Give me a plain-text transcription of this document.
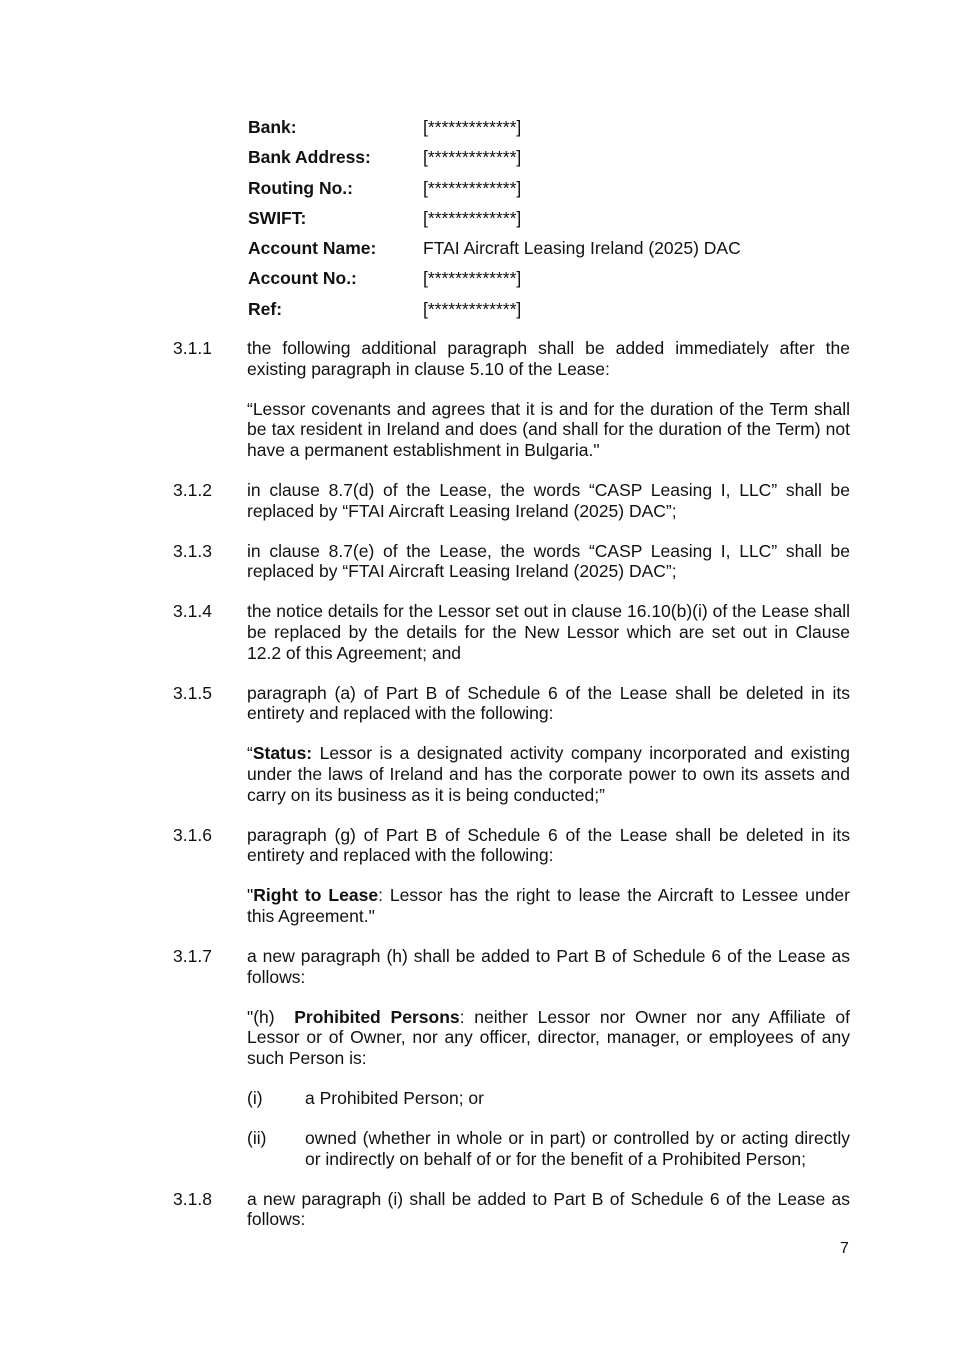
Bank:	[*************]
Bank Address:	[*************]
Routing No.:	[*************]
SWIFT:	[*************]
Account Name:	FTAI Aircraft Leasing Ireland (2025) DAC
Account No.:	[*************]
Ref:	[*************]
3.1.1	the following additional paragraph shall be added immediately after the existing paragraph in clause 5.10 of the Lease:
“Lessor covenants and agrees that it is and for the duration of the Term shall be tax resident in Ireland and does (and shall for the duration of the Term) not have a permanent establishment in Bulgaria."
3.1.2	in clause 8.7(d) of the Lease, the words “CASP Leasing I, LLC” shall be replaced by “FTAI Aircraft Leasing Ireland (2025) DAC”;
3.1.3	in clause 8.7(e) of the Lease, the words “CASP Leasing I, LLC” shall be replaced by “FTAI Aircraft Leasing Ireland (2025) DAC”;
3.1.4	the notice details for the Lessor set out in clause 16.10(b)(i) of the Lease shall be replaced by the details for the New Lessor which are set out in Clause 12.2 of this Agreement; and
3.1.5	paragraph (a) of Part B of Schedule 6 of the Lease shall be deleted in its entirety and replaced with the following:
“Status: Lessor is a designated activity company incorporated and existing under the laws of Ireland and has the corporate power to own its assets and carry on its business as it is being conducted;”
3.1.6	paragraph (g) of Part B of Schedule 6 of the Lease shall be deleted in its entirety and replaced with the following:
"Right to Lease: Lessor has the right to lease the Aircraft to Lessee under this Agreement."
3.1.7	a new paragraph (h) shall be added to Part B of Schedule 6 of the Lease as follows:
"(h)  Prohibited Persons: neither Lessor nor Owner nor any Affiliate of Lessor or of Owner, nor any officer, director, manager, or employees of any such Person is:
(i) a Prohibited Person; or
(ii) owned (whether in whole or in part) or controlled by or acting directly or indirectly on behalf of or for the benefit of a Prohibited Person;
3.1.8	a new paragraph (i) shall be added to Part B of Schedule 6 of the Lease as follows:
7
